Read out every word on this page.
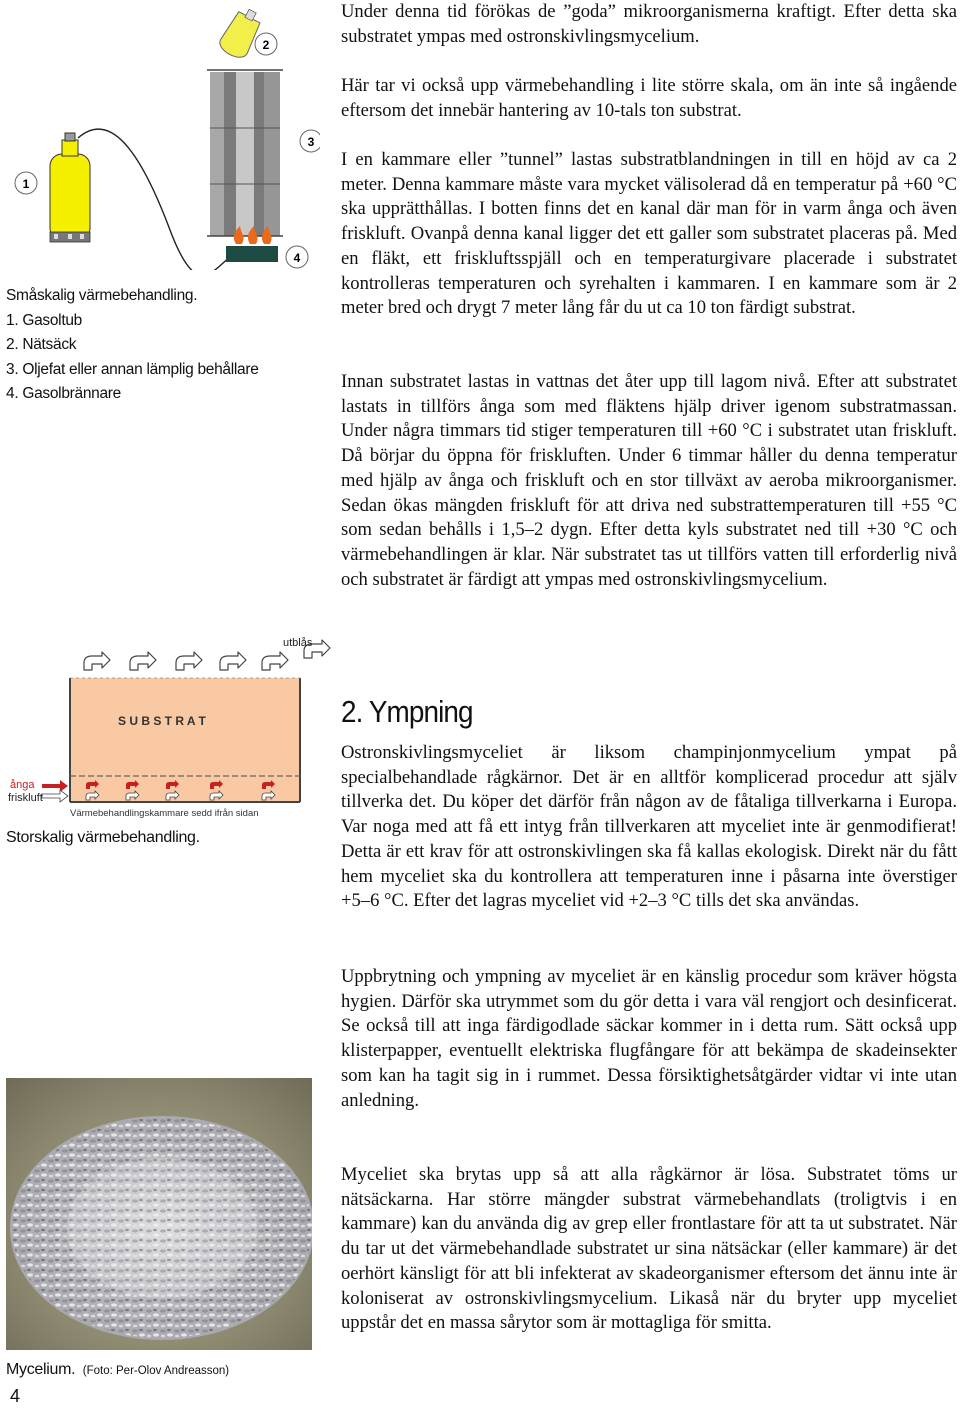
Under denna tid förökas de ”goda” mikroorganismerna kraftigt. Efter detta ska substratet ympas med ostronskivlingsmycelium.

Här tar vi också upp värmebehandling i lite större skala, om än inte så ingående eftersom det innebär hantering av 10-tals ton substrat.

I en kammare eller ”tunnel” lastas substratblandningen in till en höjd av ca 2 meter. Denna kammare måste vara mycket välisolerad då en temperatur på +60 °C ska upprätthållas. I botten finns det en kanal där man för in varm ånga och även friskluft. Ovanpå denna kanal ligger det ett galler som substratet placeras på. Med en fläkt, ett friskluftsspjäll och en temperaturgivare placerade i substratet kontrolleras temperaturen och syrehalten i kammaren. I en kammare som är 2 meter bred och drygt 7 meter lång får du ut ca 10 ton färdigt substrat.

Innan substratet lastas in vattnas det åter upp till lagom nivå. Efter att substratet lastats in tillförs ånga som med fläktens hjälp driver igenom substratmassan. Under några timmars tid stiger temperaturen till +60 °C i substratet utan friskluft. Då börjar du öppna för friskluften. Under 6 timmar håller du denna temperatur med hjälp av ånga och friskluft och en stor tillväxt av aeroba mikroorganismer. Sedan ökas mängden friskluft för att driva ned substrattemperaturen till +55 °C som sedan behålls i 1,5–2 dygn. Efter detta kyls substratet ned till +30 °C och värmebehandlingen är klar. När substratet tas ut tillförs vatten till erforderlig nivå och substratet är färdigt att ympas med ostronskivlingsmycelium.

2. Ympning

Ostronskivlingsmyceliet är liksom champinjonmycelium ympat på specialbehandlade rågkärnor. Det är en alltför komplicerad procedur att själv tillverka det. Du köper det därför från någon av de fåtaliga tillverkarna i Europa. Var noga med att få ett intyg från tillverkaren att myceliet inte är genmodifierat! Detta är ett krav för att ostronskivlingen ska få kallas ekologisk. Direkt när du fått hem myceliet ska du kontrollera att temperaturen inne i påsarna inte överstiger +5–6 °C. Efter det lagras myceliet vid +2–3 °C tills det ska användas.

Uppbrytning och ympning av myceliet är en känslig procedur som kräver högsta hygien. Därför ska utrymmet som du gör detta i vara väl rengjort och desinficerat. Se också till att inga färdigodlade säckar kommer in i detta rum. Sätt också upp klisterpapper, eventuellt elektriska flugfångare för att bekämpa de skadeinsekter som kan ha tagit sig in i rummet. Dessa försiktighetsåtgärder vidtar vi inte utan anledning.

Myceliet ska brytas upp så att alla rågkärnor är lösa. Substratet töms ur nätsäckarna. Har större mängder substrat värmebehandlats (troligtvis i en kammare) kan du använda dig av grep eller frontlastare för att ta ut substratet. När du tar ut det värmebehandlade substratet ur sina nätsäckar (eller kammare) är det oerhört känsligt för att bli infekterat av skadeorganismer eftersom det ännu inte är koloniserat av ostronskivlingsmycelium. Likaså när du bryter upp myceliet uppstår det en massa sårytor som är mottagliga för smitta.

1
2
3
4
Småskalig värmebehandling.
1. Gasoltub
2. Nätsäck
3. Oljefat eller annan lämplig behållare
4. Gasolbrännare
utblås
S U B S T R A T
ånga
friskluft
Värmebehandlingskammare sedd ifrån sidan
Storskalig värmebehandling.
Mycelium. (Foto: Per-Olov Andreasson)
4
